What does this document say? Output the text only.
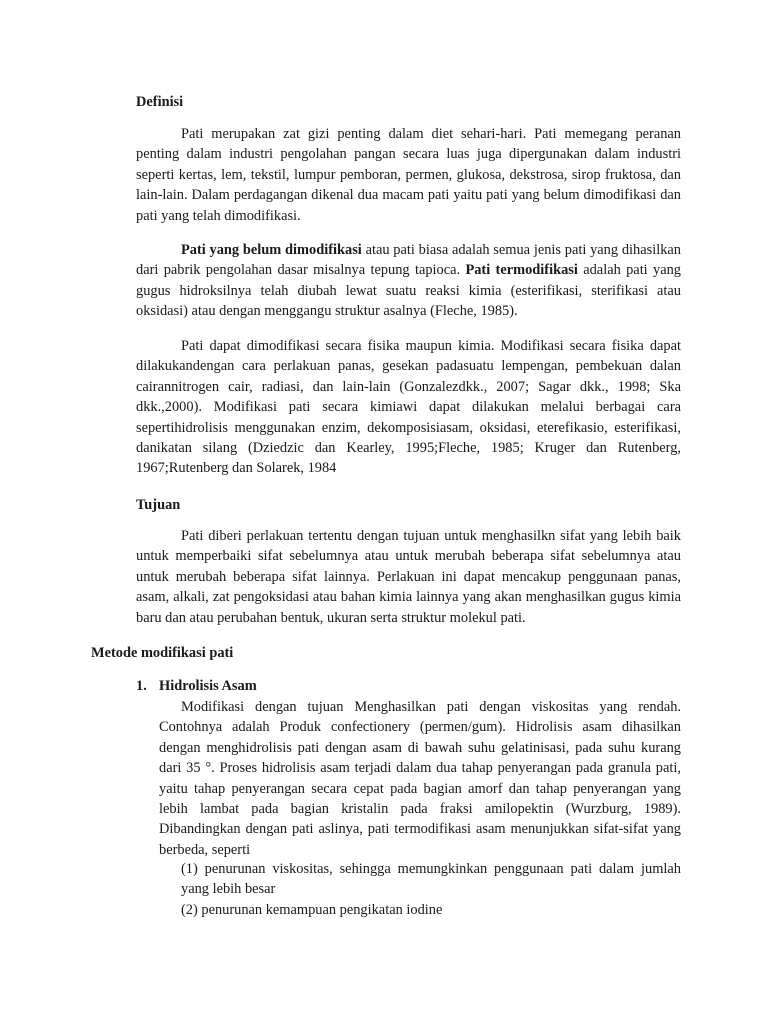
Definisi

Pati merupakan zat gizi penting dalam diet sehari-hari. Pati memegang peranan penting dalam industri pengolahan pangan secara luas juga dipergunakan dalam industri seperti kertas, lem, tekstil, lumpur pemboran, permen, glukosa, dekstrosa, sirop fruktosa, dan lain-lain. Dalam perdagangan dikenal dua macam pati yaitu pati yang belum dimodifikasi dan pati yang telah dimodifikasi.

Pati yang belum dimodifikasi atau pati biasa adalah semua jenis pati yang dihasilkan dari pabrik pengolahan dasar misalnya tepung tapioca. Pati termodifikasi adalah pati yang gugus hidroksilnya telah diubah lewat suatu reaksi kimia (esterifikasi, sterifikasi atau oksidasi) atau dengan menggangu struktur asalnya (Fleche, 1985).

Pati dapat dimodifikasi secara fisika maupun kimia. Modifikasi secara fisika dapat dilakukandengan cara perlakuan panas, gesekan padasuatu lempengan, pembekuan dalan cairannitrogen cair, radiasi, dan lain-lain (Gonzalezdkk., 2007; Sagar dkk., 1998; Ska dkk.,2000). Modifikasi pati secara kimiawi dapat dilakukan melalui berbagai cara sepertihidrolisis menggunakan enzim, dekomposisiasam, oksidasi, eterefikasio, esterifikasi, danikatan silang (Dziedzic dan Kearley, 1995;Fleche, 1985; Kruger dan Rutenberg, 1967;Rutenberg dan Solarek, 1984

Tujuan

Pati diberi perlakuan tertentu dengan tujuan untuk menghasilkn sifat yang lebih baik untuk memperbaiki sifat sebelumnya atau untuk merubah beberapa sifat sebelumnya atau untuk merubah beberapa sifat lainnya. Perlakuan ini dapat mencakup penggunaan panas, asam, alkali, zat pengoksidasi atau bahan kimia lainnya yang akan menghasilkan gugus kimia baru dan atau perubahan bentuk, ukuran serta struktur molekul pati.

Metode modifikasi pati
1. Hidrolisis Asam

Modifikasi dengan tujuan Menghasilkan pati dengan viskositas yang rendah. Contohnya adalah Produk confectionery (permen/gum). Hidrolisis asam dihasilkan dengan menghidrolisis pati dengan asam di bawah suhu gelatinisasi, pada suhu kurang dari 35 °. Proses hidrolisis asam terjadi dalam dua tahap penyerangan pada granula pati, yaitu tahap penyerangan secara cepat pada bagian amorf dan tahap penyerangan yang lebih lambat pada bagian kristalin pada fraksi amilopektin (Wurzburg, 1989). Dibandingkan dengan pati aslinya, pati termodifikasi asam menunjukkan sifat-sifat yang berbeda, seperti

(1) penurunan viskositas, sehingga memungkinkan penggunaan pati dalam jumlah yang lebih besar

(2) penurunan kemampuan pengikatan iodine
